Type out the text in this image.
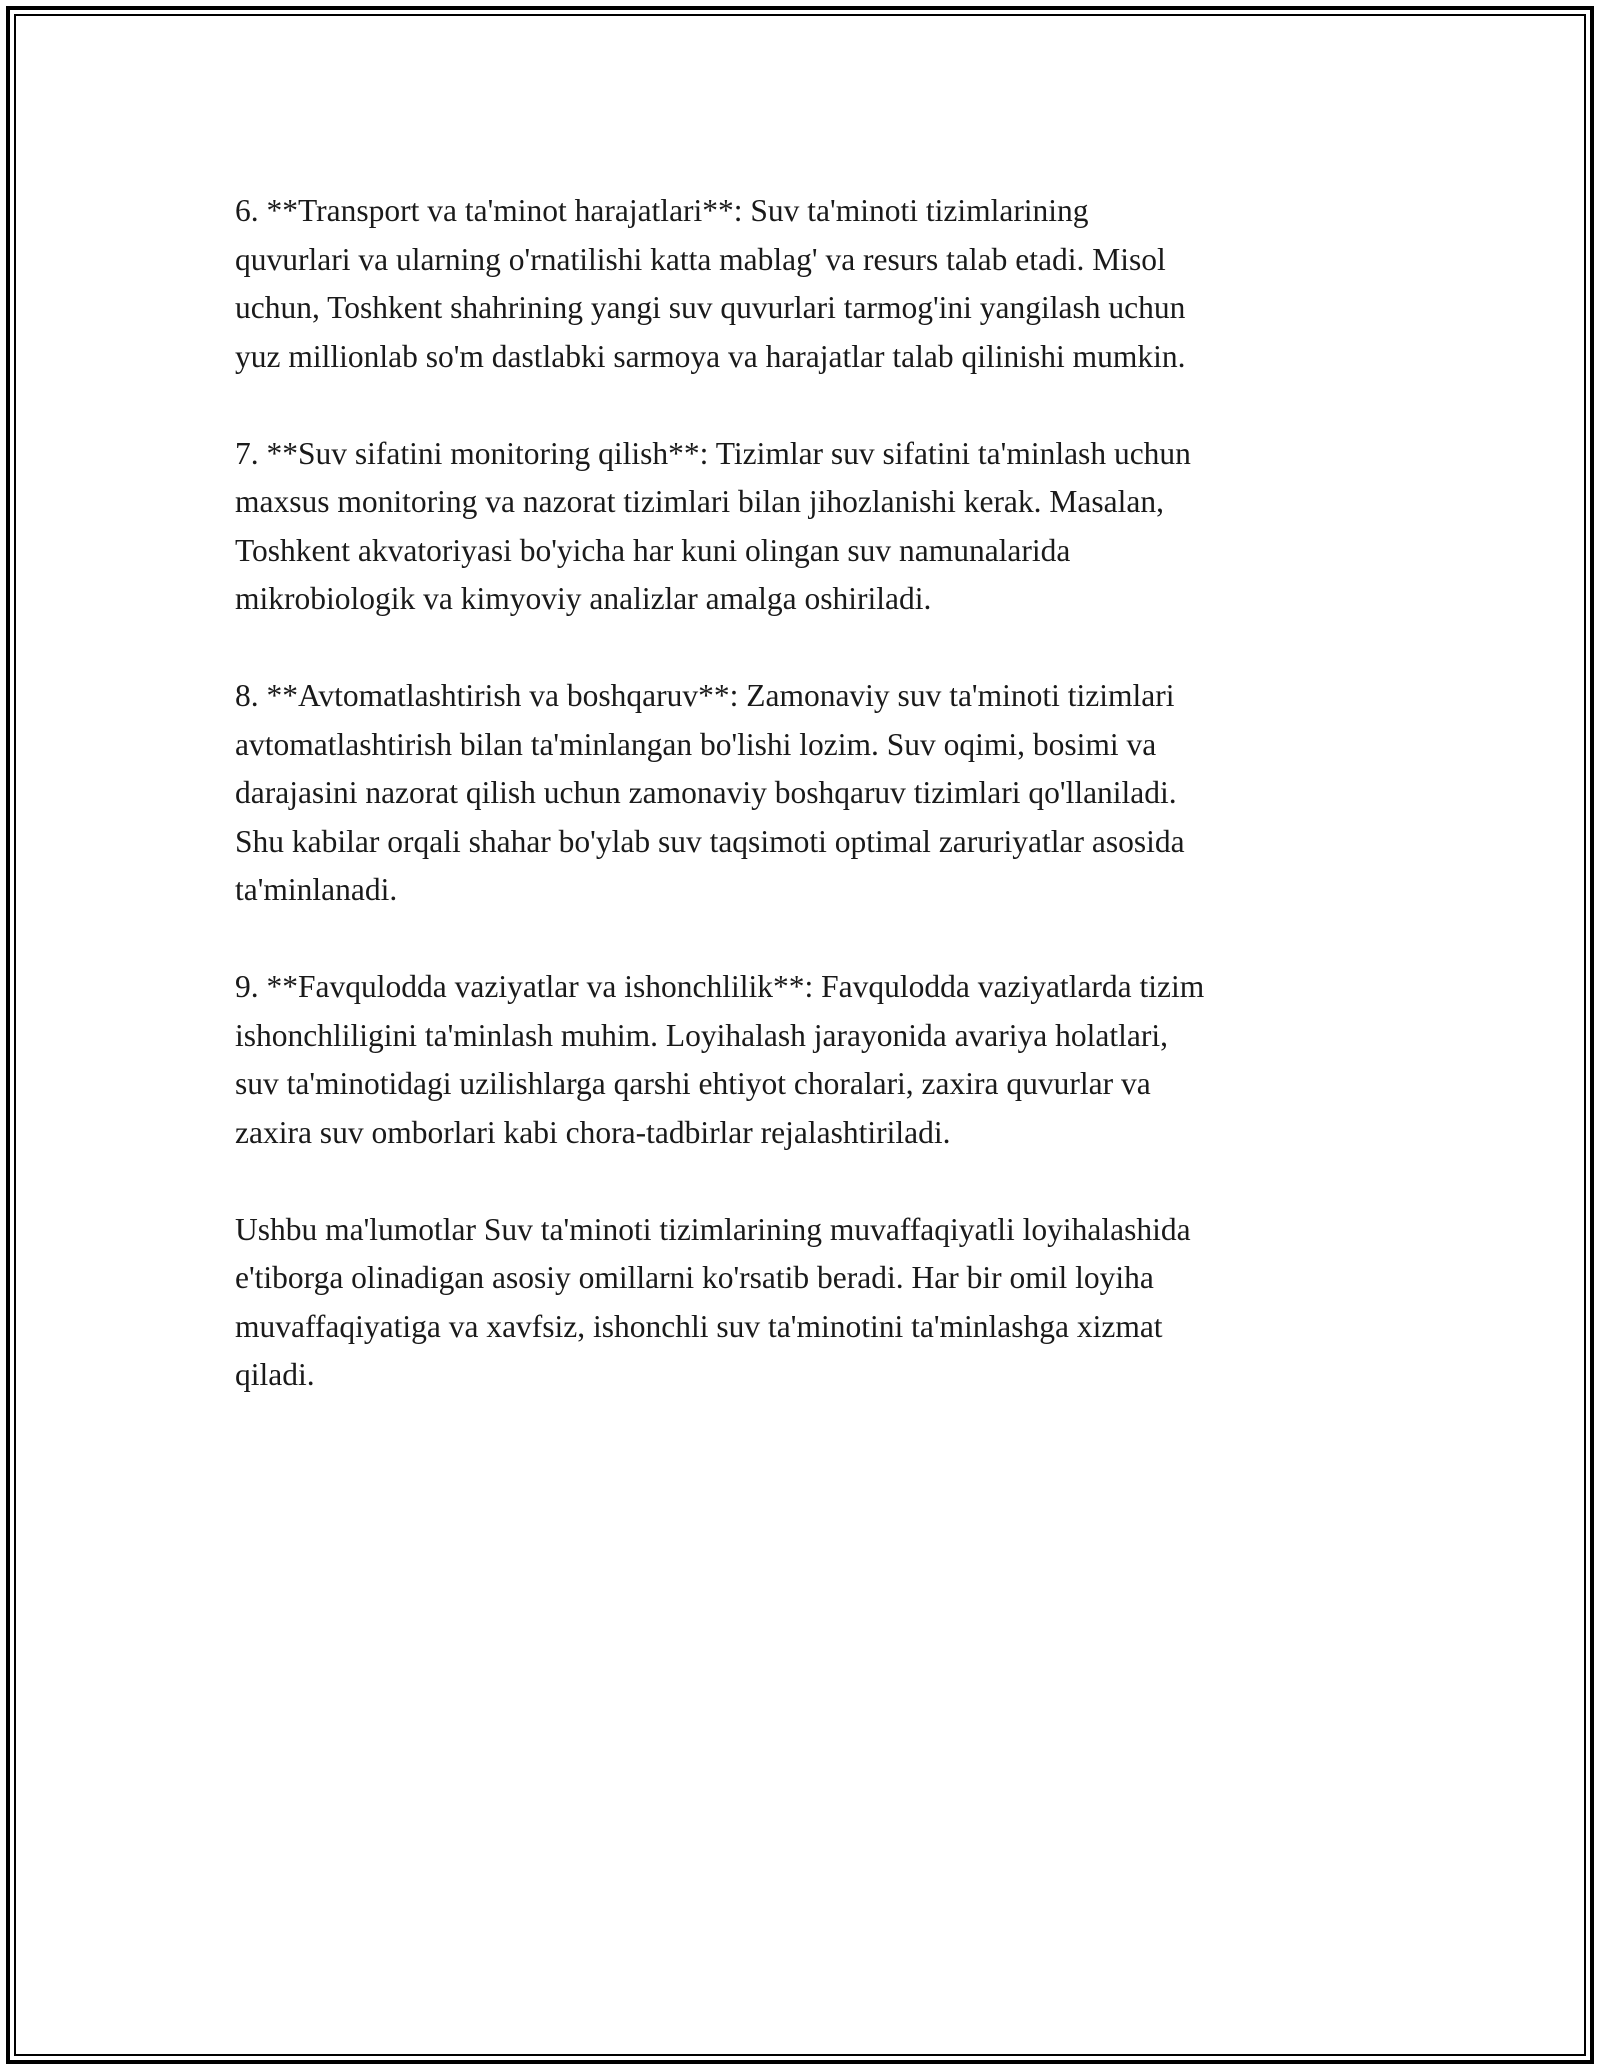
6. **Transport va ta'minot harajatlari**: Suv ta'minoti tizimlarining
quvurlari va ularning o'rnatilishi katta mablag' va resurs talab etadi. Misol
uchun, Toshkent shahrining yangi suv quvurlari tarmog'ini yangilash uchun
yuz millionlab so'm dastlabki sarmoya va harajatlar talab qilinishi mumkin.

7. **Suv sifatini monitoring qilish**: Tizimlar suv sifatini ta'minlash uchun
maxsus monitoring va nazorat tizimlari bilan jihozlanishi kerak. Masalan,
Toshkent akvatoriyasi bo'yicha har kuni olingan suv namunalarida
mikrobiologik va kimyoviy analizlar amalga oshiriladi.

8. **Avtomatlashtirish va boshqaruv**: Zamonaviy suv ta'minoti tizimlari
avtomatlashtirish bilan ta'minlangan bo'lishi lozim. Suv oqimi, bosimi va
darajasini nazorat qilish uchun zamonaviy boshqaruv tizimlari qo'llaniladi.
Shu kabilar orqali shahar bo'ylab suv taqsimoti optimal zaruriyatlar asosida
ta'minlanadi.

9. **Favqulodda vaziyatlar va ishonchlilik**: Favqulodda vaziyatlarda tizim
ishonchliligini ta'minlash muhim. Loyihalash jarayonida avariya holatlari,
suv ta'minotidagi uzilishlarga qarshi ehtiyot choralari, zaxira quvurlar va
zaxira suv omborlari kabi chora-tadbirlar rejalashtiriladi.

Ushbu ma'lumotlar Suv ta'minoti tizimlarining muvaffaqiyatli loyihalashida
e'tiborga olinadigan asosiy omillarni ko'rsatib beradi. Har bir omil loyiha
muvaffaqiyatiga va xavfsiz, ishonchli suv ta'minotini ta'minlashga xizmat
qiladi.
